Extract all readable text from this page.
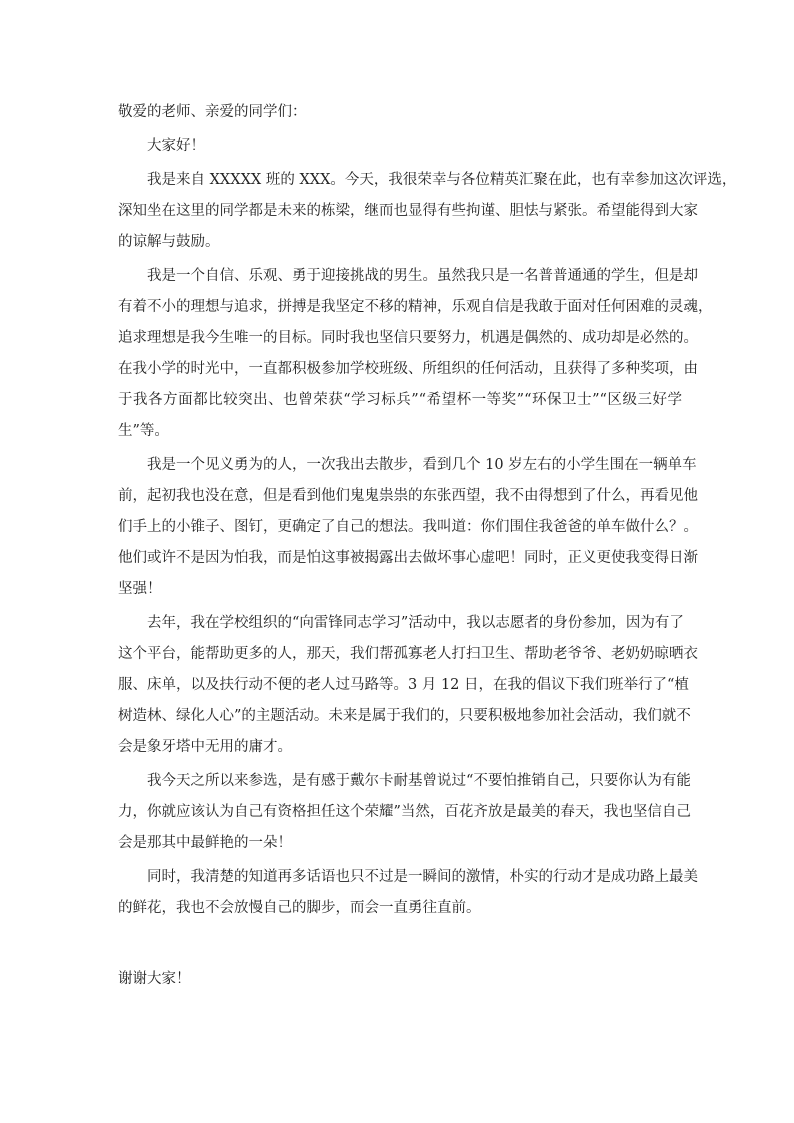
敬爱的老师、亲爱的同学们：
大家好！
我是来自 XXXXX 班的 XXX。今天，我很荣幸与各位精英汇聚在此，也有幸参加这次评选，
深知坐在这里的同学都是未来的栋梁，继而也显得有些拘谨、胆怯与紧张。希望能得到大家
的谅解与鼓励。
我是一个自信、乐观、勇于迎接挑战的男生。虽然我只是一名普普通通的学生，但是却
有着不小的理想与追求，拼搏是我坚定不移的精神，乐观自信是我敢于面对任何困难的灵魂，
追求理想是我今生唯一的目标。同时我也坚信只要努力，机遇是偶然的、成功却是必然的。
在我小学的时光中，一直都积极参加学校班级、所组织的任何活动，且获得了多种奖项，由
于我各方面都比较突出、也曾荣获“学习标兵”“希望杯一等奖”“环保卫士”“区级三好学
生”等。
我是一个见义勇为的人，一次我出去散步，看到几个 10 岁左右的小学生围在一辆单车
前，起初我也没在意，但是看到他们鬼鬼祟祟的东张西望，我不由得想到了什么，再看见他
们手上的小锥子、图钉，更确定了自己的想法。我叫道：你们围住我爸爸的单车做什么？。
他们或许不是因为怕我，而是怕这事被揭露出去做坏事心虚吧！同时，正义更使我变得日渐
坚强！
去年，我在学校组织的“向雷锋同志学习”活动中，我以志愿者的身份参加，因为有了
这个平台，能帮助更多的人，那天，我们帮孤寡老人打扫卫生、帮助老爷爷、老奶奶晾晒衣
服、床单，以及扶行动不便的老人过马路等。3 月 12 日，在我的倡议下我们班举行了“植
树造林、绿化人心”的主题活动。未来是属于我们的，只要积极地参加社会活动，我们就不
会是象牙塔中无用的庸才。
我今天之所以来参选，是有感于戴尔卡耐基曾说过“不要怕推销自己，只要你认为有能
力，你就应该认为自己有资格担任这个荣耀”当然，百花齐放是最美的春天，我也坚信自己
会是那其中最鲜艳的一朵！
同时，我清楚的知道再多话语也只不过是一瞬间的激情，朴实的行动才是成功路上最美
的鲜花，我也不会放慢自己的脚步，而会一直勇往直前。
谢谢大家！
